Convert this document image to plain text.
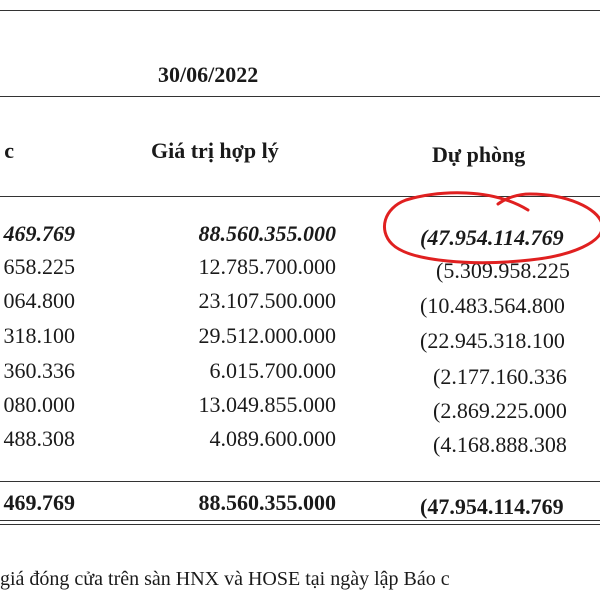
30/06/2022
c	Giá trị hợp lý	Dự phòng
469.769	88.560.355.000	(47.954.114.769
658.225	12.785.700.000	(5.309.958.225
064.800	23.107.500.000	(10.483.564.800
318.100	29.512.000.000	(22.945.318.100
360.336	6.015.700.000	(2.177.160.336
080.000	13.049.855.000	(2.869.225.000
488.308	4.089.600.000	(4.168.888.308
469.769	88.560.355.000	(47.954.114.769
giá đóng cửa trên sàn HNX và HOSE tại ngày lập Báo c
